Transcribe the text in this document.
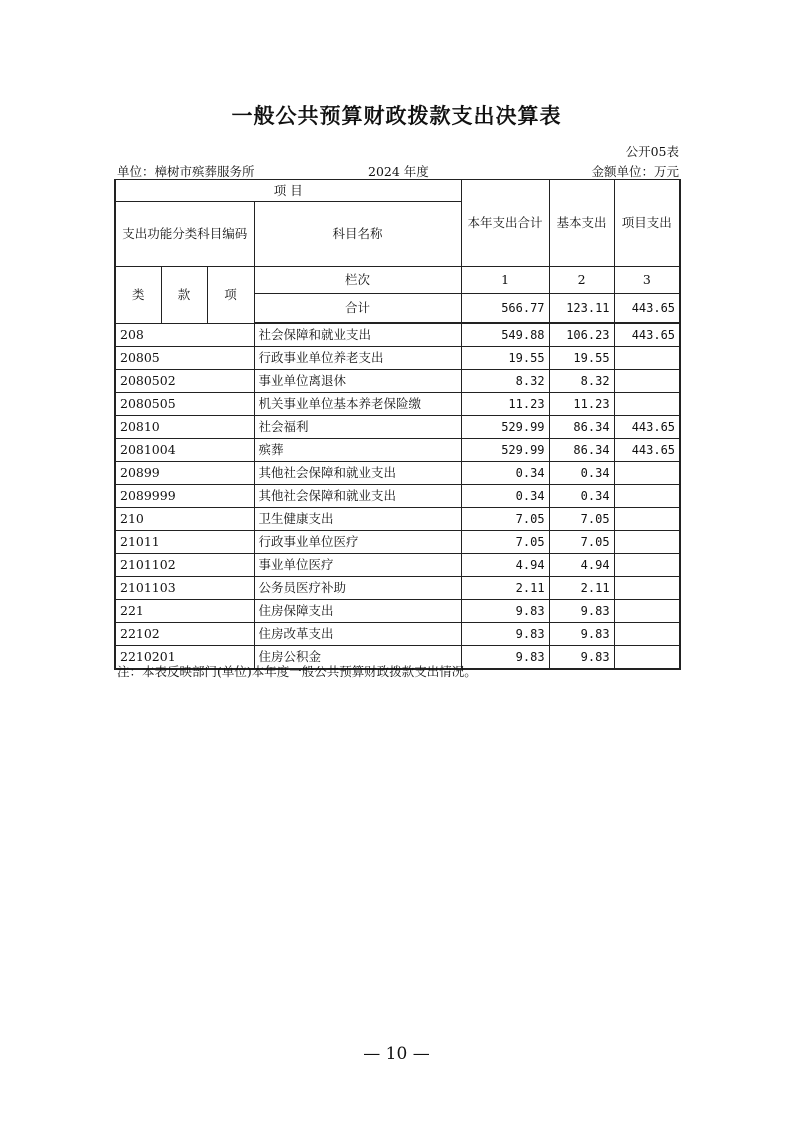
一般公共预算财政拨款支出决算表
公开05表
单位：樟树市殡葬服务所	2024 年度	金额单位：万元
项 目				本年支出合计	基本支出	项目支出
支出功能分类科目编码			科目名称			
类	款	项	栏次	1	2	3
			合计	566.77	123.11	443.65
208			社会保障和就业支出	549.88	106.23	443.65
20805			行政事业单位养老支出	19.55	19.55	
2080502			事业单位离退休	8.32	8.32	
2080505			机关事业单位基本养老保险缴	11.23	11.23	
20810			社会福利	529.99	86.34	443.65
2081004			殡葬	529.99	86.34	443.65
20899			其他社会保障和就业支出	0.34	0.34	
2089999			其他社会保障和就业支出	0.34	0.34	
210			卫生健康支出	7.05	7.05	
21011			行政事业单位医疗	7.05	7.05	
2101102			事业单位医疗	4.94	4.94	
2101103			公务员医疗补助	2.11	2.11	
221			住房保障支出	9.83	9.83	
22102			住房改革支出	9.83	9.83	
2210201			住房公积金	9.83	9.83	
注：本表反映部门(单位)本年度一般公共预算财政拨款支出情况。
— 10 —
